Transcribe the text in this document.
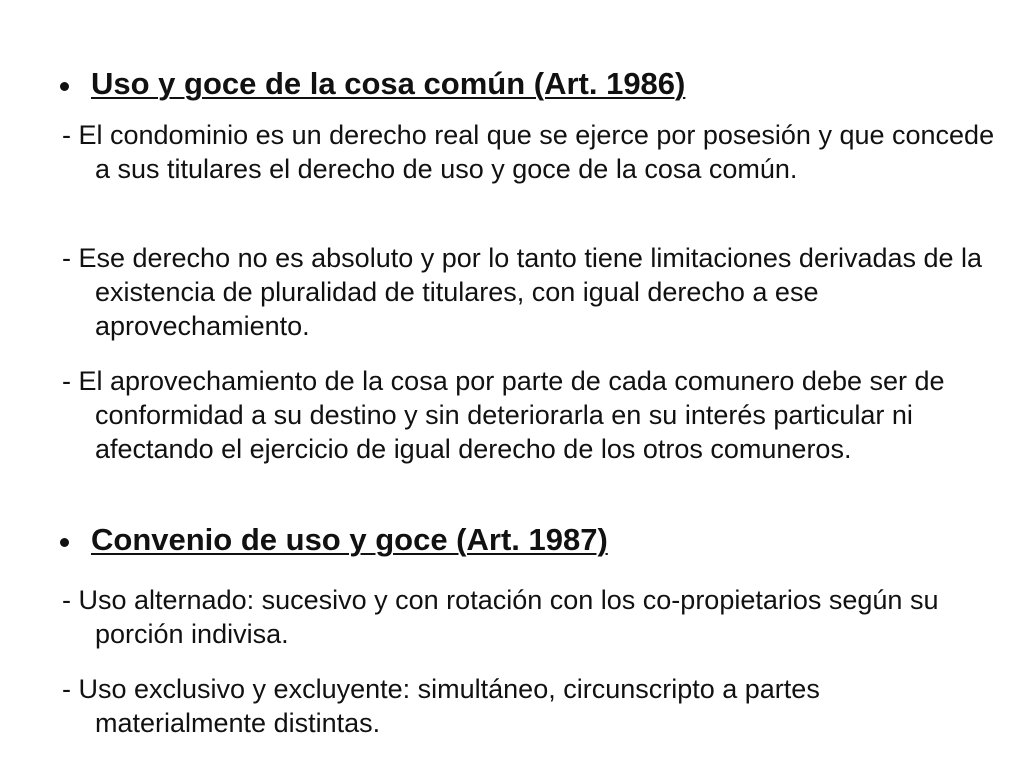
Uso y goce de la cosa común (Art. 1986)
- El condominio es un derecho real que se ejerce por posesión y que concede a sus titulares el derecho de uso y goce de la cosa común.
- Ese derecho no es absoluto y por lo tanto tiene limitaciones derivadas de la existencia de pluralidad de titulares, con igual derecho a ese aprovechamiento.
- El aprovechamiento de la cosa por parte de cada comunero debe ser de conformidad a su destino y sin deteriorarla en su interés particular ni afectando el ejercicio de igual derecho de los otros comuneros.
Convenio de uso y goce (Art. 1987)
- Uso alternado: sucesivo y con rotación con los co-propietarios según su porción indivisa.
- Uso exclusivo y excluyente: simultáneo, circunscripto a partes materialmente distintas.
